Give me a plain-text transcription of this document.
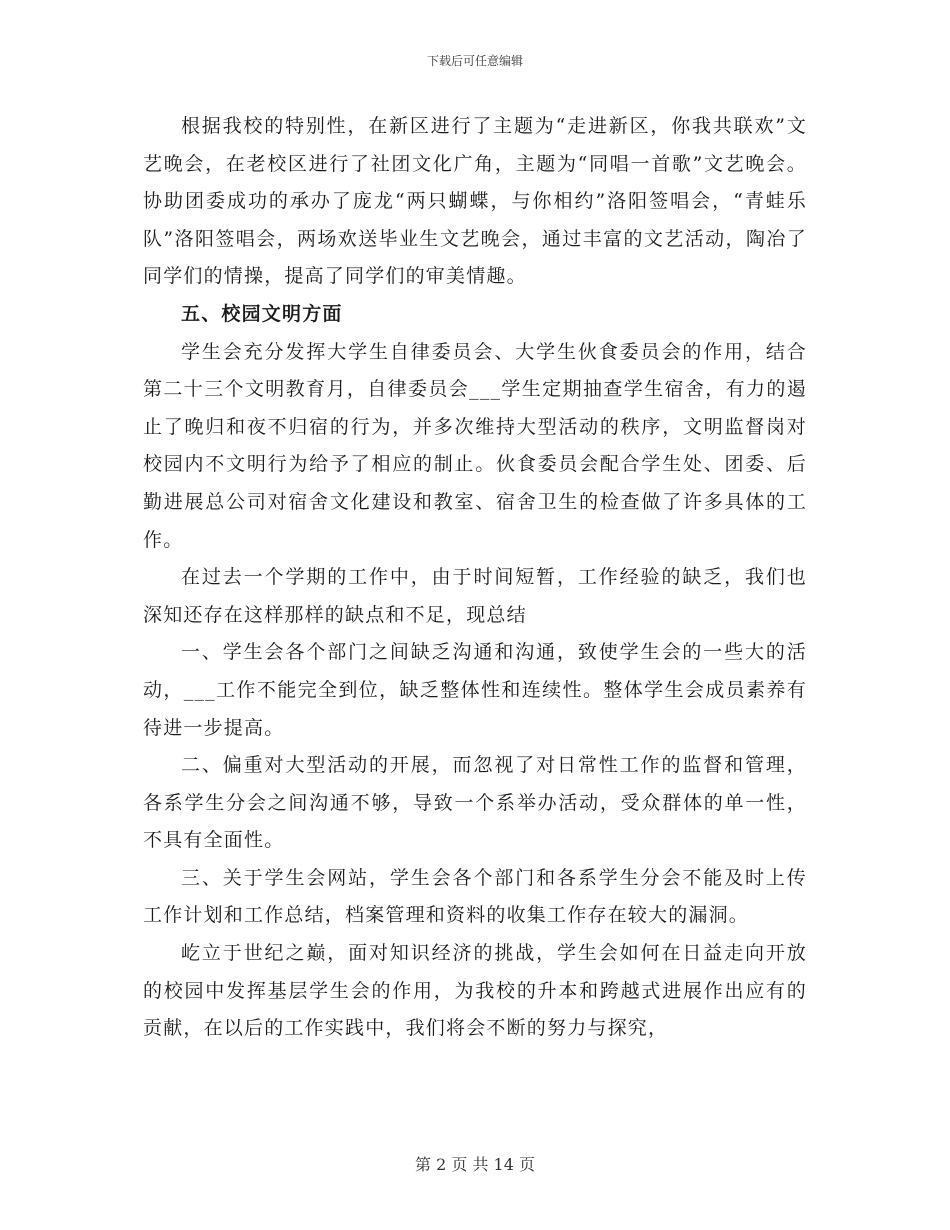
下载后可任意编辑

根据我校的特别性，在新区进行了主题为“走进新区，你我共联欢”文艺晚会，在老校区进行了社团文化广角，主题为“同唱一首歌”文艺晚会。协助团委成功的承办了庞龙“两只蝴蝶，与你相约”洛阳签唱会，“青蛙乐队”洛阳签唱会，两场欢送毕业生文艺晚会，通过丰富的文艺活动，陶冶了同学们的情操，提高了同学们的审美情趣。

五、校园文明方面

学生会充分发挥大学生自律委员会、大学生伙食委员会的作用，结合第二十三个文明教育月，自律委员会___学生定期抽查学生宿舍，有力的遏止了晚归和夜不归宿的行为，并多次维持大型活动的秩序，文明监督岗对校园内不文明行为给予了相应的制止。伙食委员会配合学生处、团委、后勤进展总公司对宿舍文化建设和教室、宿舍卫生的检查做了许多具体的工作。

在过去一个学期的工作中，由于时间短暂，工作经验的缺乏，我们也深知还存在这样那样的缺点和不足，现总结

一、学生会各个部门之间缺乏沟通和沟通，致使学生会的一些大的活动，___工作不能完全到位，缺乏整体性和连续性。整体学生会成员素养有待进一步提高。

二、偏重对大型活动的开展，而忽视了对日常性工作的监督和管理，各系学生分会之间沟通不够，导致一个系举办活动，受众群体的单一性，不具有全面性。

三、关于学生会网站，学生会各个部门和各系学生分会不能及时上传工作计划和工作总结，档案管理和资料的收集工作存在较大的漏洞。

屹立于世纪之巅，面对知识经济的挑战，学生会如何在日益走向开放的校园中发挥基层学生会的作用，为我校的升本和跨越式进展作出应有的贡献，在以后的工作实践中，我们将会不断的努力与探究，

第 2 页 共 14 页
